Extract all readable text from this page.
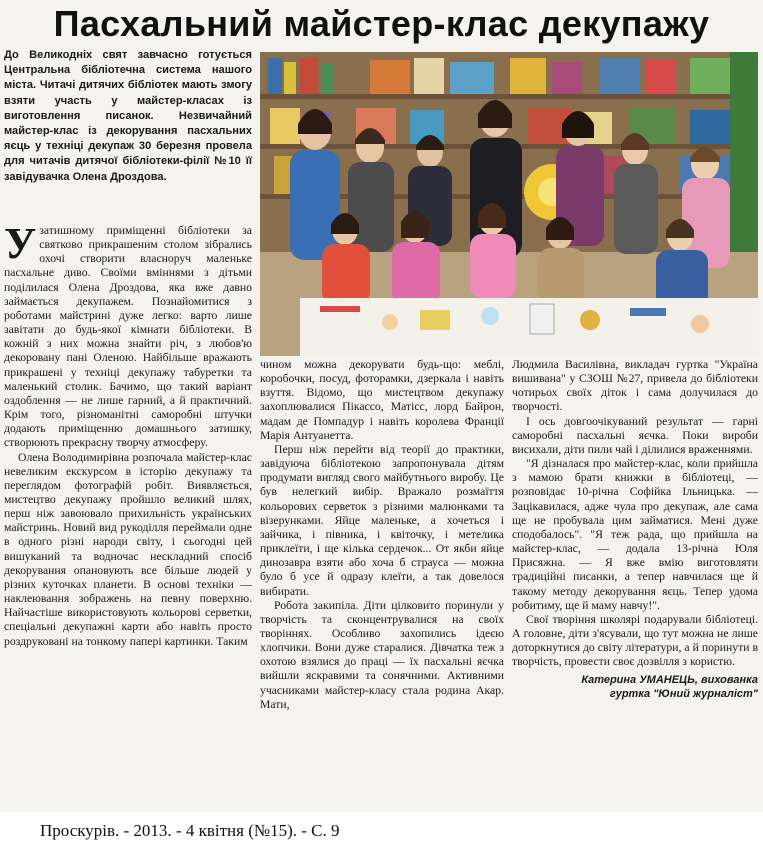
Пасхальний майстер-клас декупажу

До Великодніх свят завчасно готується Центральна бібліотечна система нашого міста. Читачі дитячих бібліотек мають змогу взяти участь у майстер-класах із виготовлення писанок. Незвичайний майстер-клас із декорування пасхальних яєць у техніці декупаж 30 березня провела для читачів дитячої бібліотеки-філії №10 її завідувачка Олена Дроздова.

Узатишному приміщенні бібліотеки за святково прикрашеним столом зібрались охочі створити власноруч маленьке пасхальне диво. Своїми вміннями з дітьми поділилася Олена Дроздова, яка вже давно займається декупажем. Познайомитися з роботами майстрині дуже легко: варто лише завітати до будь-якої кімнати бібліотеки. В кожній з них можна знайти річ, з любов'ю декоровану пані Оленою. Найбільше вражають прикрашені у техніці декупажу табуретки та маленький столик. Бачимо, що такий варіант оздоблення — не лише гарний, а й практичний. Крім того, різноманітні саморобні штучки додають приміщенню домашнього затишку, створюють прекрасну творчу атмосферу.

Олена Володимирівна розпочала майстер-клас невеликим екскурсом в історію декупажу та переглядом фотографій робіт. Виявляється, мистецтво декупажу пройшло великий шлях, перш ніж завоювало прихильність українських майстринь. Новий вид рукоділля переймали одне в одного різні народи світу, і сьогодні цей вишуканий та водночас нескладний спосіб декорування опановують все більше людей у різних куточках планети. В основі техніки — наклеювання зображень на певну поверхню. Найчастіше використовують кольорові серветки, спеціальні декупажні карти або навіть просто роздруковані на тонкому папері картинки. Таким

чином можна декорувати будь-що: меблі, коробочки, посуд, фоторамки, дзеркала і навіть взуття. Відомо, що мистецтвом декупажу захоплювалися Пікассо, Матісс, лорд Байрон, мадам де Помпадур і навіть королева Франції Марія Антуанетта.

Перш ніж перейти від теорії до практики, завідуюча бібліотекою запропонувала дітям продумати вигляд свого майбутнього виробу. Це був нелегкий вибір. Вражало розмаїття кольорових серветок з різними малюнками та візерунками. Яйце маленьке, а хочеться і зайчика, і півника, і квіточку, і метелика приклеїти, і ще кілька сердечок... От якби яйце динозавра взяти або хоча б страуса — можна було б усе й одразу клеїти, а так довелося вибирати.

Робота закипіла. Діти цілковито поринули у творчість та сконцентрувалися на своїх творіннях. Особливо захопились ідеєю хлопчики. Вони дуже старалися. Дівчатка теж з охотою взялися до праці — їх пасхальні яєчка вийшли яскравими та сонячними. Активними учасниками майстер-класу стала родина Акар. Мати,

Людмила Василівна, викладач гуртка "Україна вишивана" у СЗОШ №27, привела до бібліотеки чотирьох своїх діток і сама долучилася до творчості.

І ось довгоочікуваний результат — гарні саморобні пасхальні яєчка. Поки вироби висихали, діти пили чай і ділилися враженнями.

"Я дізналася про майстер-клас, коли прийшла з мамою брати книжки в бібліотеці, — розповідає 10-річна Софійка Ільницька. — Зацікавилася, адже чула про декупаж, але сама ще не пробувала цим займатися. Мені дуже сподобалось". "Я теж рада, що прийшла на майстер-клас, — додала 13-річна Юля Присяжна. — Я вже вмію виготовляти традиційні писанки, а тепер навчилася ще й такому методу декорування яєць. Тепер удома робитиму, ще й маму навчу!".

Свої творіння школярі подарували бібліотеці. А головне, діти з'ясували, що тут можна не лише доторкнутися до світу літератури, а й поринути в творчість, провести своє дозвілля з користю.

Катерина УМАНЕЦЬ, вихованка
гуртка "Юний журналіст"
Проскурів. - 2013. - 4 квітня (№15). - С. 9
